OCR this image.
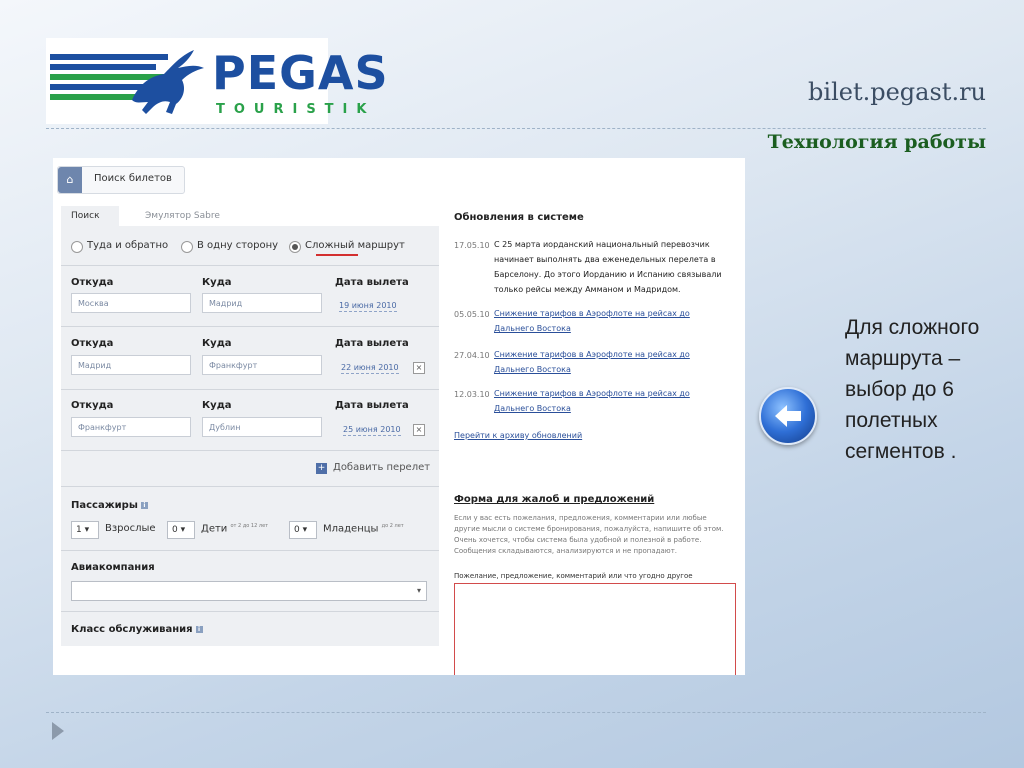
PEGAS
TOURISTIK
bilet.pegast.ru
Технология работы
⌂	Поиск билетов
Поиск	Эмулятор Sabre
Туда и обратно	В одну сторону	Сложный маршрут
Откуда	Куда	Дата вылета
Москва	Мадрид	19 июня 2010
Откуда	Куда	Дата вылета
Мадрид	Франкфурт	22 июня 2010	×
Откуда	Куда	Дата вылета
Франкфурт	Дублин	25 июня 2010	×
+ Добавить перелет
Пассажиры i
1 ▾	Взрослые	0 ▾	Дети $^{от 2 до 12 лет}$	0 ▾	Младенцы $^{до 2 лет}$
Авиакомпания
▾
Класс обслуживания i
Обновления в системе
17.05.10 С 25 марта иорданский национальный перевозчик начинает выполнять два еженедельных перелета в Барселону. До этого Иорданию и Испанию связывали только рейсы между Амманом и Мадридом.
05.05.10 Снижение тарифов в Аэрофлоте на рейсах до Дальнего Востока
27.04.10 Снижение тарифов в Аэрофлоте на рейсах до Дальнего Востока
12.03.10 Снижение тарифов в Аэрофлоте на рейсах до Дальнего Востока
Перейти к архиву обновлений
Форма для жалоб и предложений
Если у вас есть пожелания, предложения, комментарии или любые другие мысли о системе бронирования, пожалуйста, напишите об этом. Очень хочется, чтобы система была удобной и полезной в работе. Сообщения складываются, анализируются и не пропадают.
Пожелание, предложение, комментарий или что угодно другое
Для сложного маршрута – выбор до 6 полетных сегментов .
